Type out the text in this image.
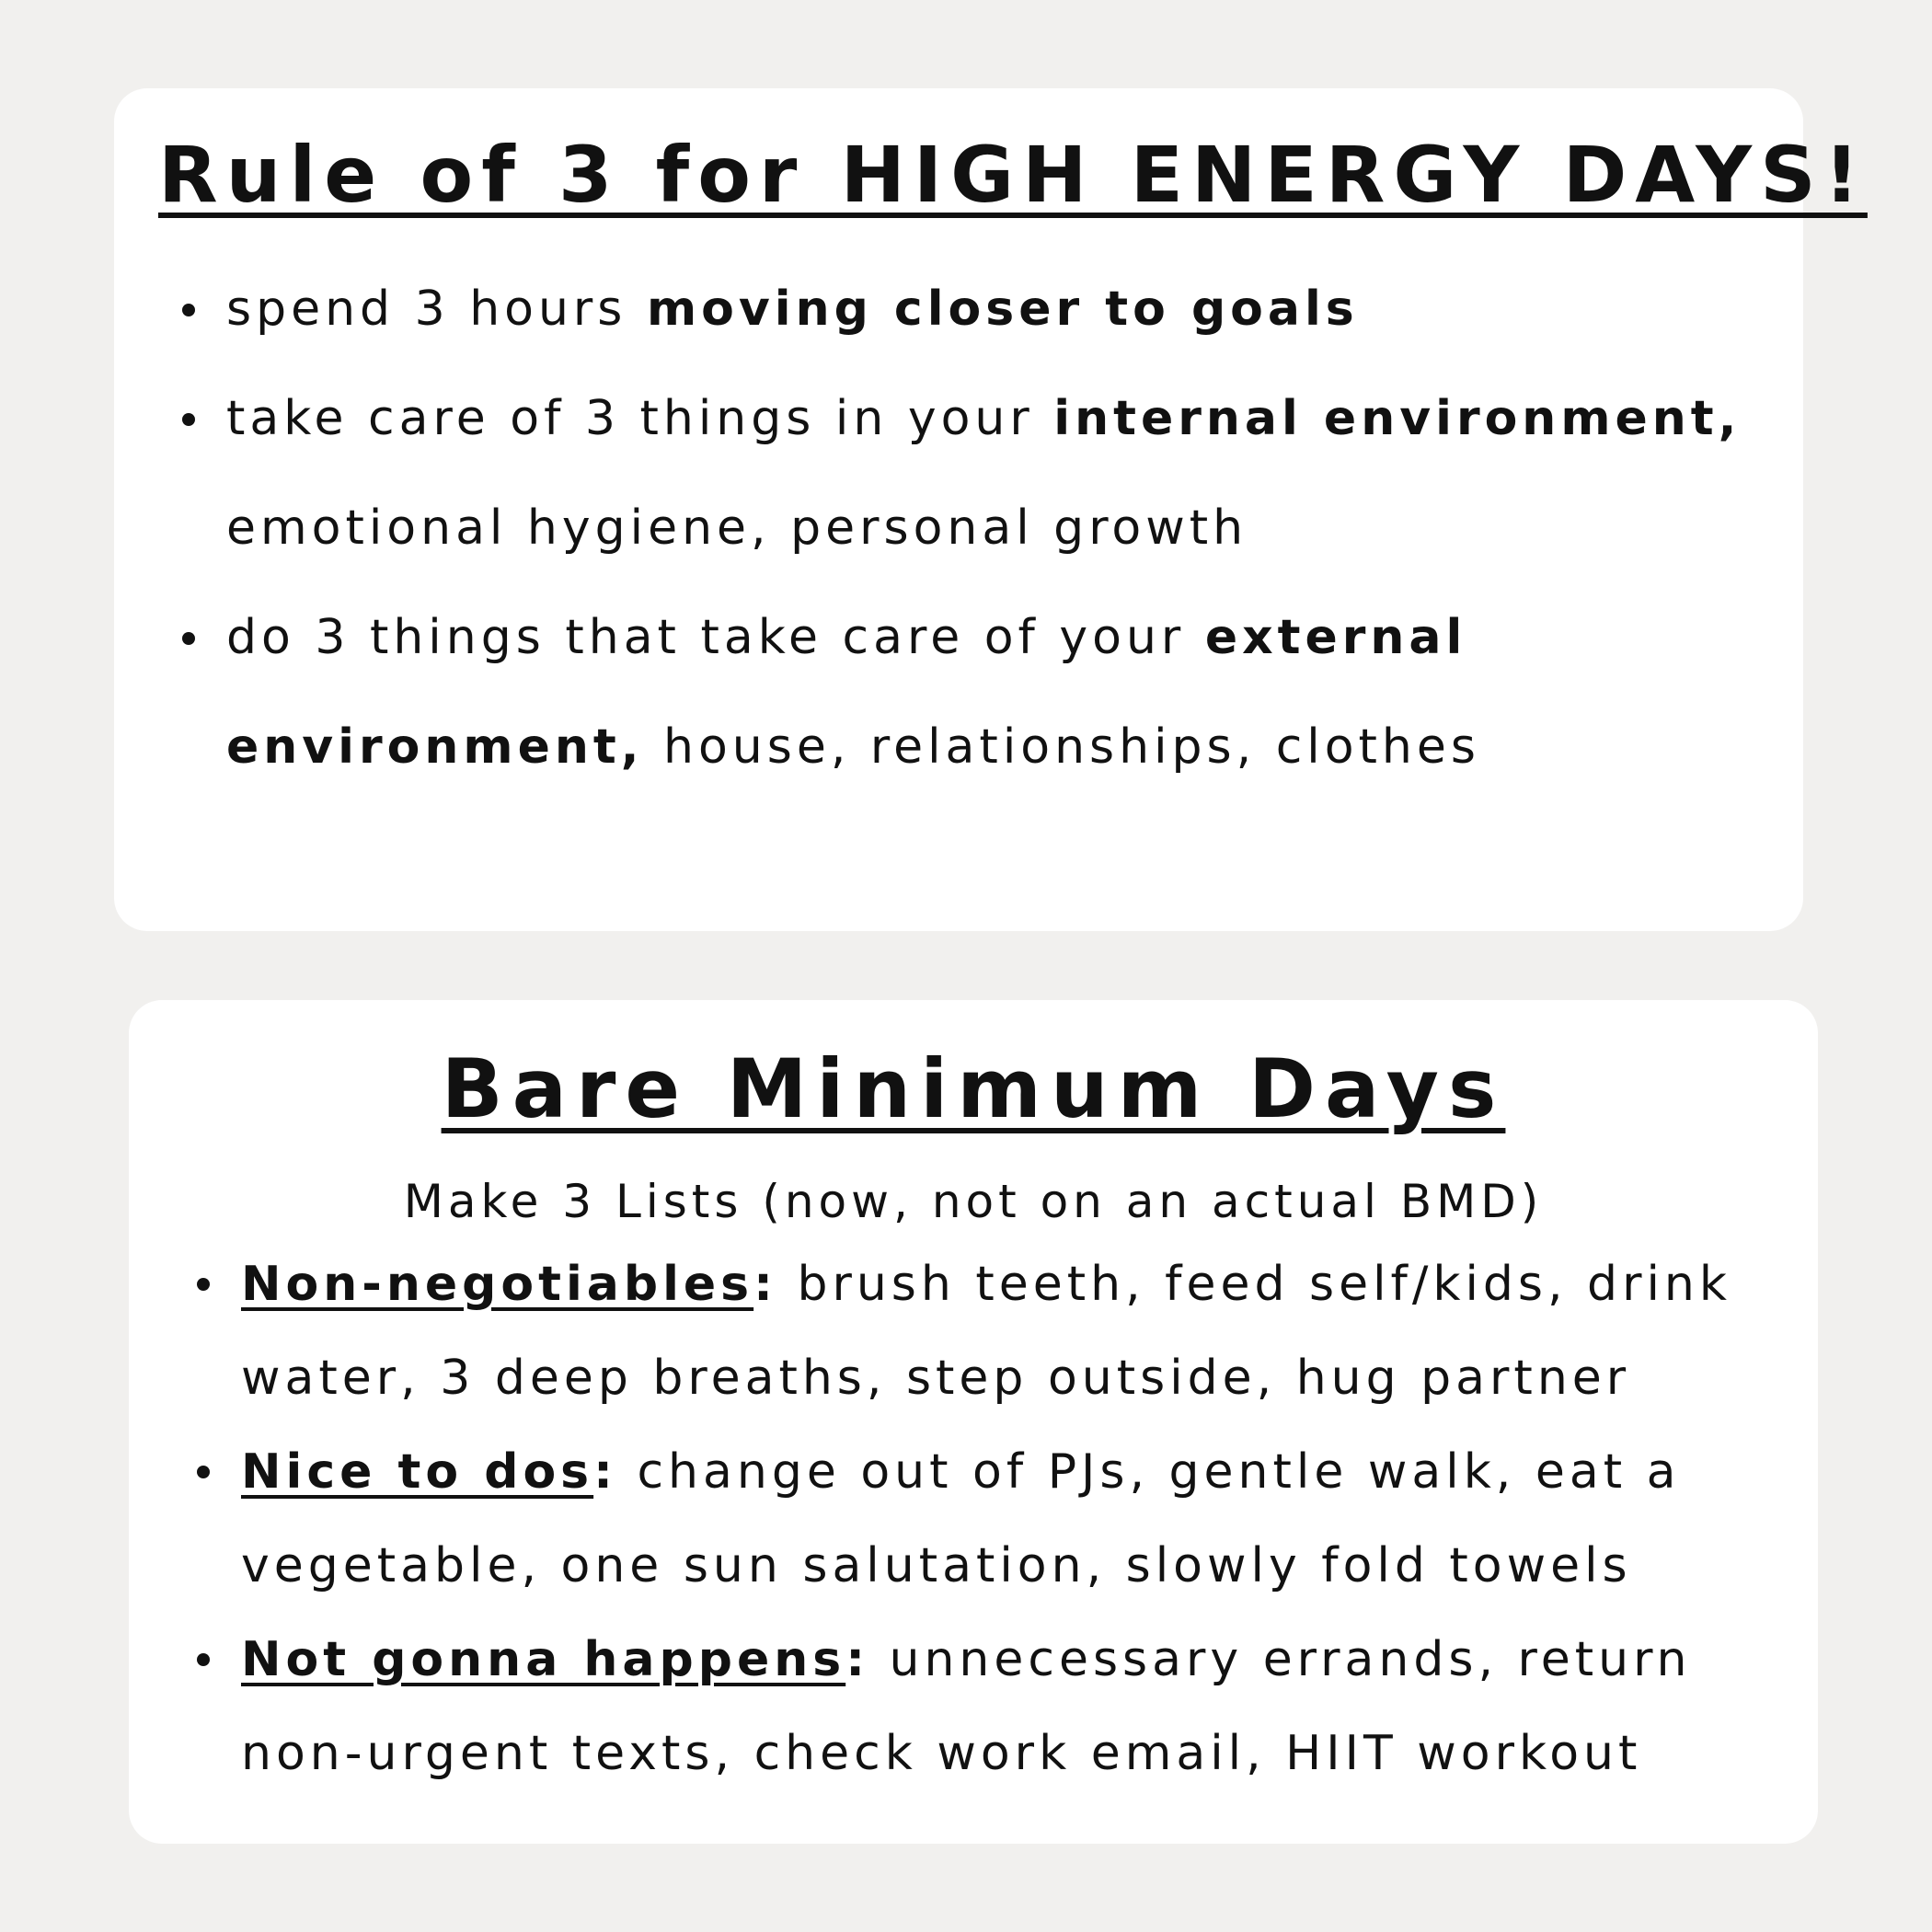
Rule of 3 for HIGH ENERGY DAYS!
spend 3 hours moving closer to goals
take care of 3 things in your internal environment, emotional hygiene, personal growth
do 3 things that take care of your external environment, house, relationships, clothes
Bare Minimum Days
Make 3 Lists (now, not on an actual BMD)
Non-negotiables: brush teeth, feed self/kids, drink water, 3 deep breaths, step outside, hug partner
Nice to dos: change out of PJs, gentle walk, eat a vegetable, one sun salutation, slowly fold towels
Not gonna happens: unnecessary errands, return non-urgent texts, check work email, HIIT workout
